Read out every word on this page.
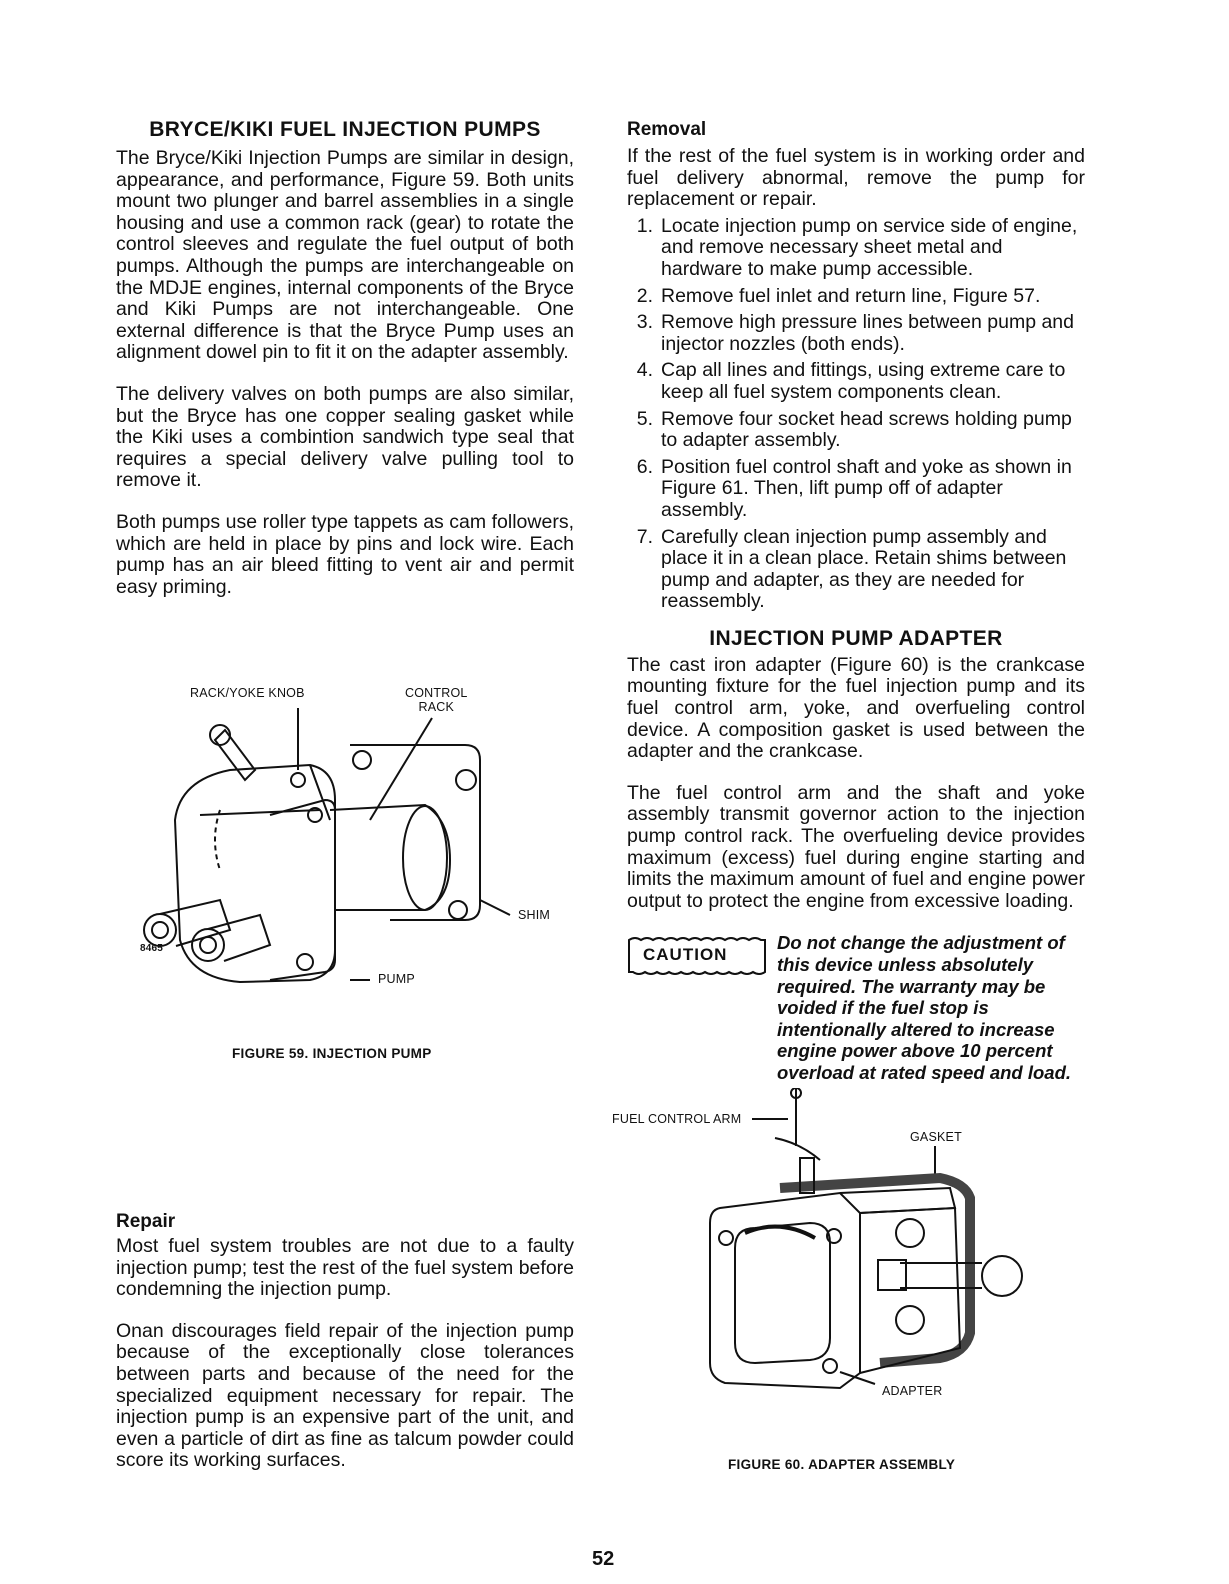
BRYCE/KIKI FUEL INJECTION PUMPS

The Bryce/Kiki Injection Pumps are similar in design, appearance, and performance, Figure 59. Both units mount two plunger and barrel assemblies in a single housing and use a common rack (gear) to rotate the control sleeves and regulate the fuel output of both pumps. Although the pumps are interchangeable on the MDJE engines, internal components of the Bryce and Kiki Pumps are not interchangeable. One external difference is that the Bryce Pump uses an alignment dowel pin to fit it on the adapter assembly.

The delivery valves on both pumps are also similar, but the Bryce has one copper sealing gasket while the Kiki uses a combintion sandwich type seal that requires a special delivery valve pulling tool to remove it.

Both pumps use roller type tappets as cam followers, which are held in place by pins and lock wire. Each pump has an air bleed fitting to vent air and permit easy priming.

RACK/YOKE KNOB	CONTROL
RACK
SHIM
PUMP
8465
FIGURE 59. INJECTION PUMP
Repair

Most fuel system troubles are not due to a faulty injection pump; test the rest of the fuel system before condemning the injection pump.

Onan discourages field repair of the injection pump because of the exceptionally close tolerances between parts and because of the need for the specialized equipment necessary for repair. The injection pump is an expensive part of the unit, and even a particle of dirt as fine as talcum powder could score its working surfaces.

Removal

If the rest of the fuel system is in working order and fuel delivery abnormal, remove the pump for replacement or repair.

1. Locate injection pump on service side of engine, and remove necessary sheet metal and hardware to make pump accessible.
2. Remove fuel inlet and return line, Figure 57.
3. Remove high pressure lines between pump and injector nozzles (both ends).
4. Cap all lines and fittings, using extreme care to keep all fuel system components clean.
5. Remove four socket head screws holding pump to adapter assembly.
6. Position fuel control shaft and yoke as shown in Figure 61. Then, lift pump off of adapter assembly.
7. Carefully clean injection pump assembly and place it in a clean place. Retain shims between pump and adapter, as they are needed for reassembly.
INJECTION PUMP ADAPTER

The cast iron adapter (Figure 60) is the crankcase mounting fixture for the fuel injection pump and its fuel control arm, yoke, and overfueling control device. A composition gasket is used between the adapter and the crankcase.

The fuel control arm and the shaft and yoke assembly transmit governor action to the injection pump control rack. The overfueling device provides maximum (excess) fuel during engine starting and limits the maximum amount of fuel and engine power output to protect the engine from excessive loading.

CAUTION
Do not change the adjustment of this device unless absolutely required. The warranty may be voided if the fuel stop is intentionally altered to increase engine power above 10 percent overload at rated speed and load.
FUEL CONTROL ARM
GASKET
ADAPTER
FIGURE 60. ADAPTER ASSEMBLY
52
